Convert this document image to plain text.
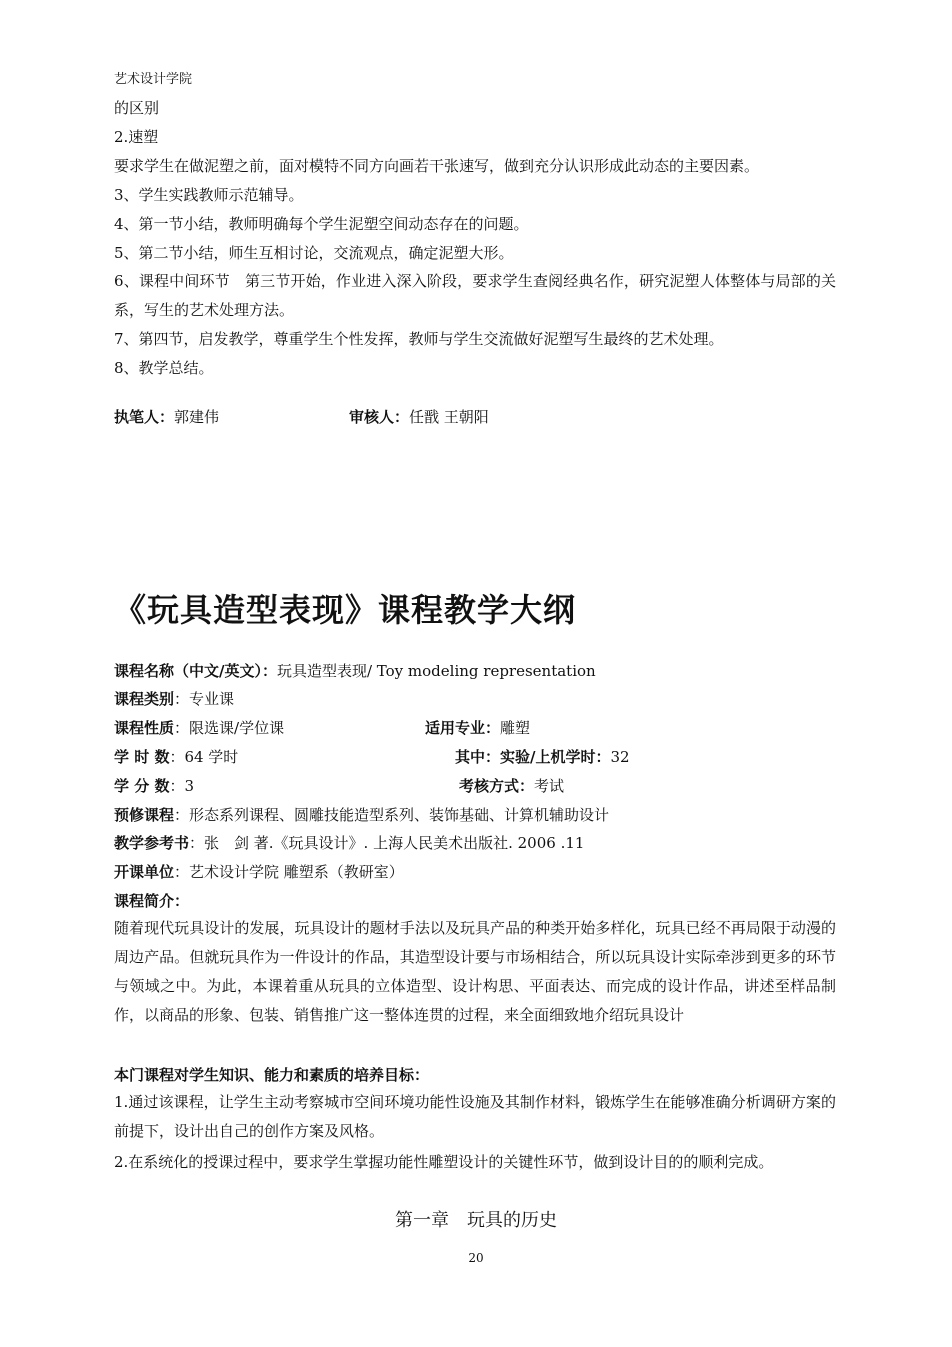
艺术设计学院
的区别
2.速塑
要求学生在做泥塑之前，面对模特不同方向画若干张速写，做到充分认识形成此动态的主要因素。
3、学生实践教师示范辅导。
4、第一节小结，教师明确每个学生泥塑空间动态存在的问题。
5、第二节小结，师生互相讨论，交流观点，确定泥塑大形。
6、课程中间环节　第三节开始，作业进入深入阶段，要求学生查阅经典名作，研究泥塑人体整体与局部的关系，写生的艺术处理方法。
7、第四节，启发教学，尊重学生个性发挥，教师与学生交流做好泥塑写生最终的艺术处理。
8、教学总结。
执笔人：郭建伟	审核人：任戬 王朝阳
《玩具造型表现》课程教学大纲
课程名称（中文/英文）：玩具造型表现/ Toy modeling representation
课程类别：专业课
课程性质：限选课/学位课	适用专业：雕塑
学 时 数：64 学时	其中：实验/上机学时：32
学 分 数：3	考核方式：考试
预修课程：形态系列课程、圆雕技能造型系列、装饰基础、计算机辅助设计
教学参考书：张　剑 著.《玩具设计》. 上海人民美术出版社. 2006 .11
开课单位：艺术设计学院 雕塑系（教研室）
课程简介：
随着现代玩具设计的发展，玩具设计的题材手法以及玩具产品的种类开始多样化，玩具已经不再局限于动漫的周边产品。但就玩具作为一件设计的作品，其造型设计要与市场相结合，所以玩具设计实际牵涉到更多的环节与领域之中。为此，本课着重从玩具的立体造型、设计构思、平面表达、而完成的设计作品，讲述至样品制作，以商品的形象、包装、销售推广这一整体连贯的过程，来全面细致地介绍玩具设计
本门课程对学生知识、能力和素质的培养目标：
1.通过该课程，让学生主动考察城市空间环境功能性设施及其制作材料，锻炼学生在能够准确分析调研方案的前提下，设计出自己的创作方案及风格。
2.在系统化的授课过程中，要求学生掌握功能性雕塑设计的关键性环节，做到设计目的的顺利完成。
第一章　玩具的历史
20
